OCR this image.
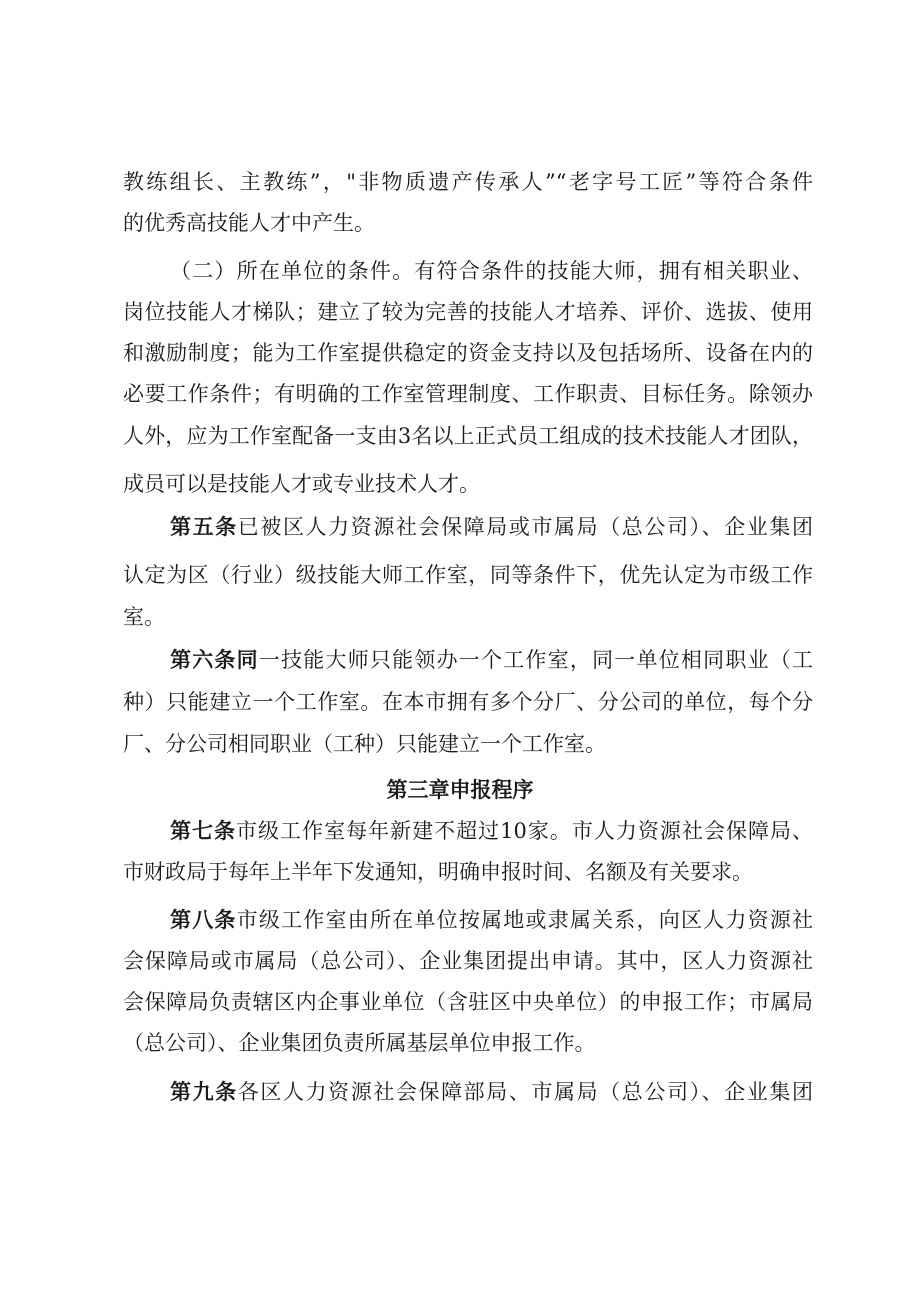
教练组长、主教练”，"非物质遗产传承人”“老字号工匠”等符合条件
的优秀高技能人才中产生。
（二）所在单位的条件。有符合条件的技能大师，拥有相关职业、
岗位技能人才梯队；建立了较为完善的技能人才培养、评价、选拔、使用
和激励制度；能为工作室提供稳定的资金支持以及包括场所、设备在内的
必要工作条件；有明确的工作室管理制度、工作职责、目标任务。除领办
人外，应为工作室配备一支由3名以上正式员工组成的技术技能人才团队，
成员可以是技能人才或专业技术人才。
第五条已被区人力资源社会保障局或市属局（总公司）、企业集团
认定为区（行业）级技能大师工作室，同等条件下，优先认定为市级工作
室。
第六条同一技能大师只能领办一个工作室，同一单位相同职业（工
种）只能建立一个工作室。在本市拥有多个分厂、分公司的单位，每个分
厂、分公司相同职业（工种）只能建立一个工作室。
第三章申报程序
第七条市级工作室每年新建不超过10家。市人力资源社会保障局、
市财政局于每年上半年下发通知，明确申报时间、名额及有关要求。
第八条市级工作室由所在单位按属地或隶属关系，向区人力资源社
会保障局或市属局（总公司）、企业集团提出申请。其中，区人力资源社
会保障局负责辖区内企事业单位（含驻区中央单位）的申报工作；市属局
（总公司）、企业集团负责所属基层单位申报工作。
第九条各区人力资源社会保障部局、市属局（总公司）、企业集团
